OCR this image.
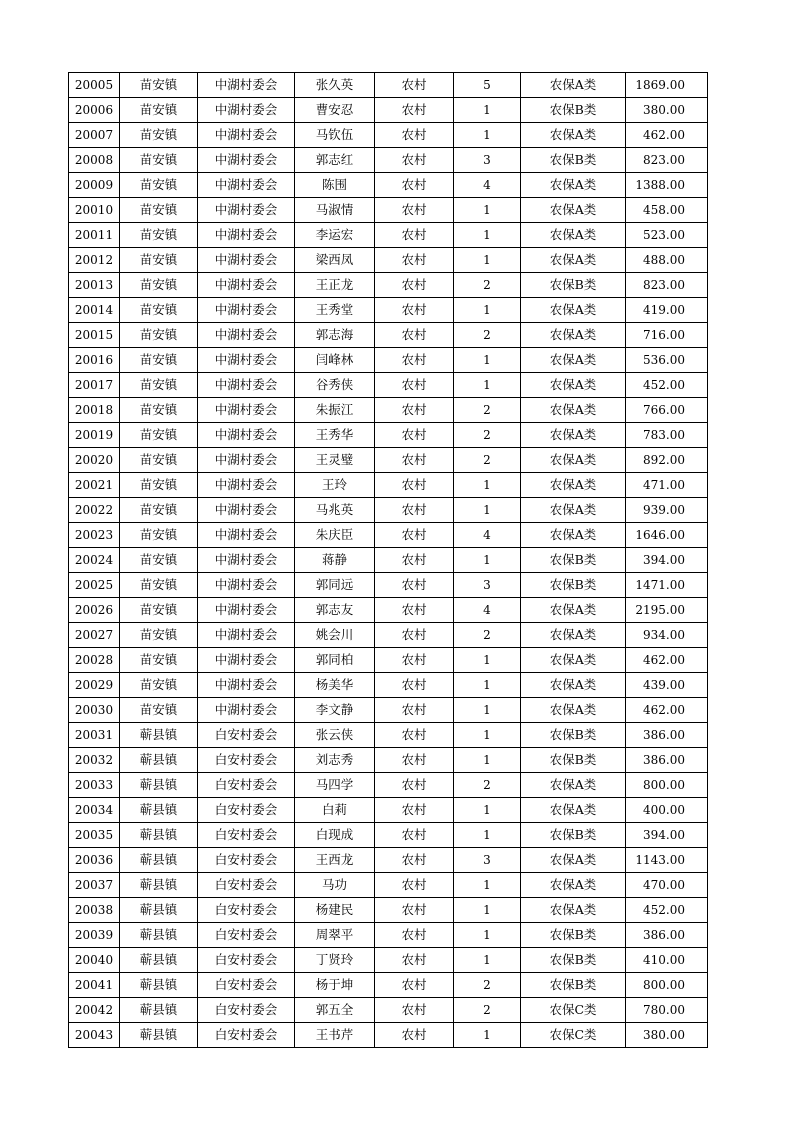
20005	苗安镇	中湖村委会	张久英	农村	5	农保A类	1869.00
20006	苗安镇	中湖村委会	曹安忍	农村	1	农保B类	380.00
20007	苗安镇	中湖村委会	马钦伍	农村	1	农保A类	462.00
20008	苗安镇	中湖村委会	郭志红	农村	3	农保B类	823.00
20009	苗安镇	中湖村委会	陈围	农村	4	农保A类	1388.00
20010	苗安镇	中湖村委会	马淑情	农村	1	农保A类	458.00
20011	苗安镇	中湖村委会	李运宏	农村	1	农保A类	523.00
20012	苗安镇	中湖村委会	梁西凤	农村	1	农保A类	488.00
20013	苗安镇	中湖村委会	王正龙	农村	2	农保B类	823.00
20014	苗安镇	中湖村委会	王秀堂	农村	1	农保A类	419.00
20015	苗安镇	中湖村委会	郭志海	农村	2	农保A类	716.00
20016	苗安镇	中湖村委会	闫峰林	农村	1	农保A类	536.00
20017	苗安镇	中湖村委会	谷秀侠	农村	1	农保A类	452.00
20018	苗安镇	中湖村委会	朱振江	农村	2	农保A类	766.00
20019	苗安镇	中湖村委会	王秀华	农村	2	农保A类	783.00
20020	苗安镇	中湖村委会	王灵璧	农村	2	农保A类	892.00
20021	苗安镇	中湖村委会	王玲	农村	1	农保A类	471.00
20022	苗安镇	中湖村委会	马兆英	农村	1	农保A类	939.00
20023	苗安镇	中湖村委会	朱庆臣	农村	4	农保A类	1646.00
20024	苗安镇	中湖村委会	蒋静	农村	1	农保B类	394.00
20025	苗安镇	中湖村委会	郭同远	农村	3	农保B类	1471.00
20026	苗安镇	中湖村委会	郭志友	农村	4	农保A类	2195.00
20027	苗安镇	中湖村委会	姚会川	农村	2	农保A类	934.00
20028	苗安镇	中湖村委会	郭同柏	农村	1	农保A类	462.00
20029	苗安镇	中湖村委会	杨美华	农村	1	农保A类	439.00
20030	苗安镇	中湖村委会	李文静	农村	1	农保A类	462.00
20031	蕲县镇	白安村委会	张云侠	农村	1	农保B类	386.00
20032	蕲县镇	白安村委会	刘志秀	农村	1	农保B类	386.00
20033	蕲县镇	白安村委会	马四学	农村	2	农保A类	800.00
20034	蕲县镇	白安村委会	白莉	农村	1	农保A类	400.00
20035	蕲县镇	白安村委会	白现成	农村	1	农保B类	394.00
20036	蕲县镇	白安村委会	王西龙	农村	3	农保A类	1143.00
20037	蕲县镇	白安村委会	马功	农村	1	农保A类	470.00
20038	蕲县镇	白安村委会	杨建民	农村	1	农保A类	452.00
20039	蕲县镇	白安村委会	周翠平	农村	1	农保B类	386.00
20040	蕲县镇	白安村委会	丁贤玲	农村	1	农保B类	410.00
20041	蕲县镇	白安村委会	杨于坤	农村	2	农保B类	800.00
20042	蕲县镇	白安村委会	郭五全	农村	2	农保C类	780.00
20043	蕲县镇	白安村委会	王书芹	农村	1	农保C类	380.00
